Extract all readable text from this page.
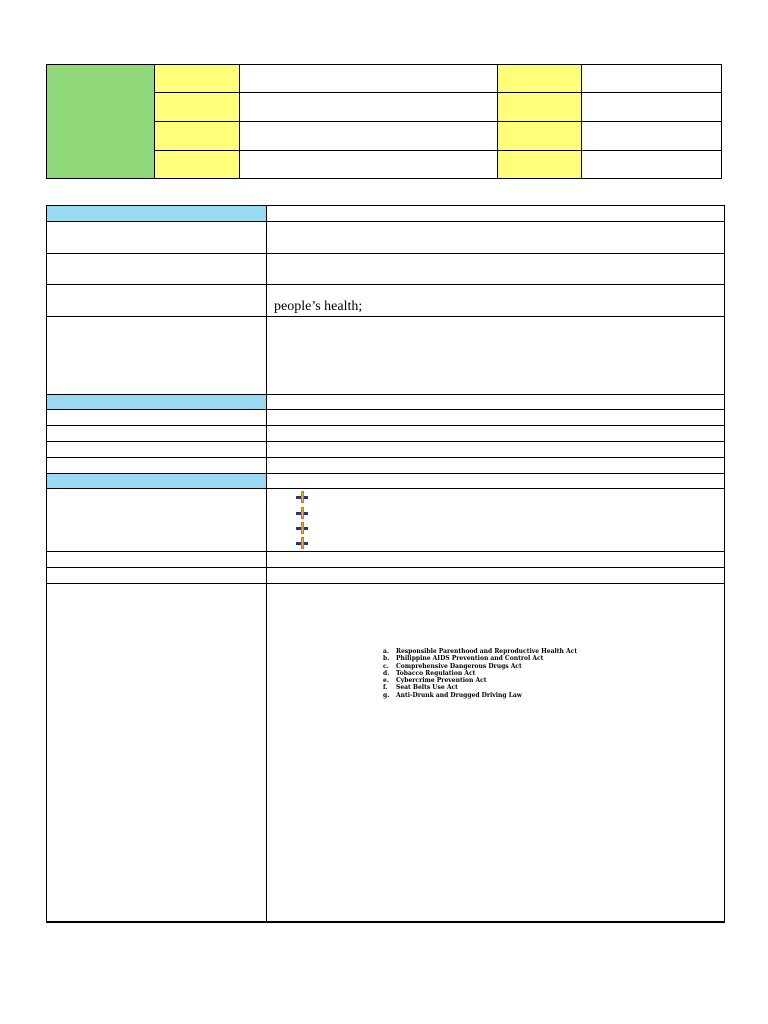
people’s health;
a. Responsible Parenthood and Reproductive Health Act
b. Philippine AIDS Prevention and Control Act
c. Comprehensive Dangerous Drugs Act
d. Tobacco Regulation Act
e. Cybercrime Prevention Act
f. Seat Belts Use Act
g. Anti-Drunk and Drugged Driving Law
